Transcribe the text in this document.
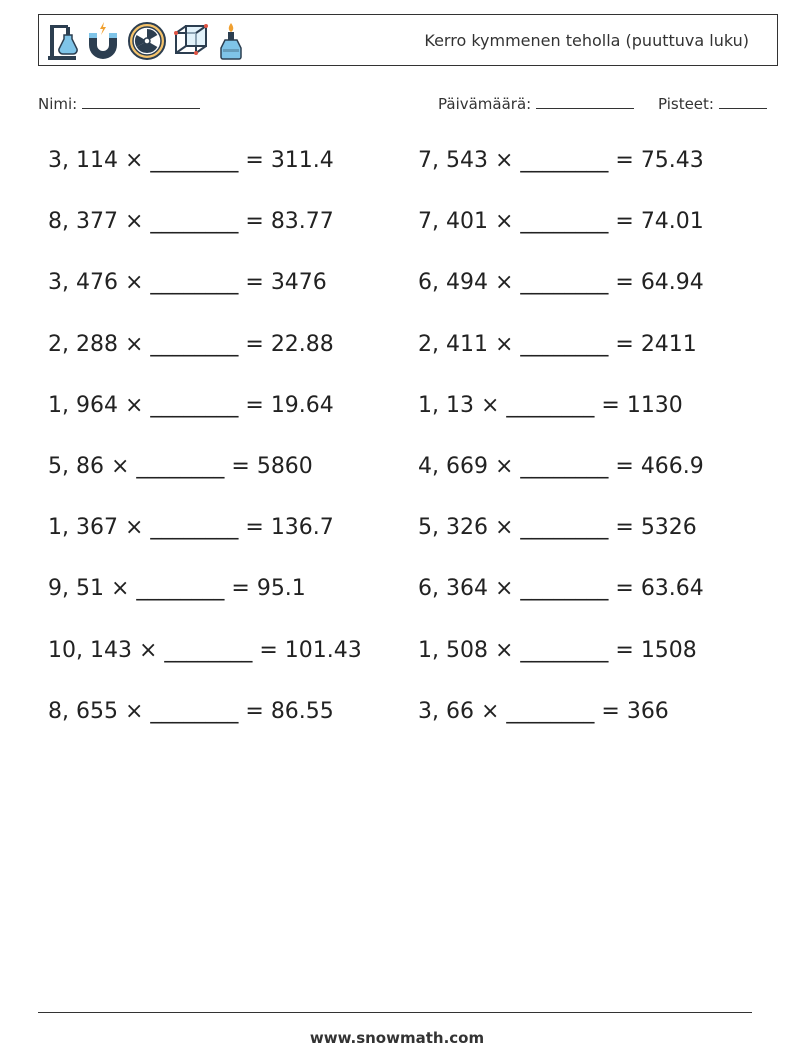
Kerro kymmenen teholla (puuttuva luku)
Nimi:	Päivämäärä:	Pisteet:
3, 114 × ________ = 311.4	7, 543 × ________ = 75.43
8, 377 × ________ = 83.77	7, 401 × ________ = 74.01
3, 476 × ________ = 3476	6, 494 × ________ = 64.94
2, 288 × ________ = 22.88	2, 411 × ________ = 2411
1, 964 × ________ = 19.64	1, 13 × ________ = 1130
5, 86 × ________ = 5860	4, 669 × ________ = 466.9
1, 367 × ________ = 136.7	5, 326 × ________ = 5326
9, 51 × ________ = 95.1	6, 364 × ________ = 63.64
10, 143 × ________ = 101.43	1, 508 × ________ = 1508
8, 655 × ________ = 86.55	3, 66 × ________ = 366
www.snowmath.com
